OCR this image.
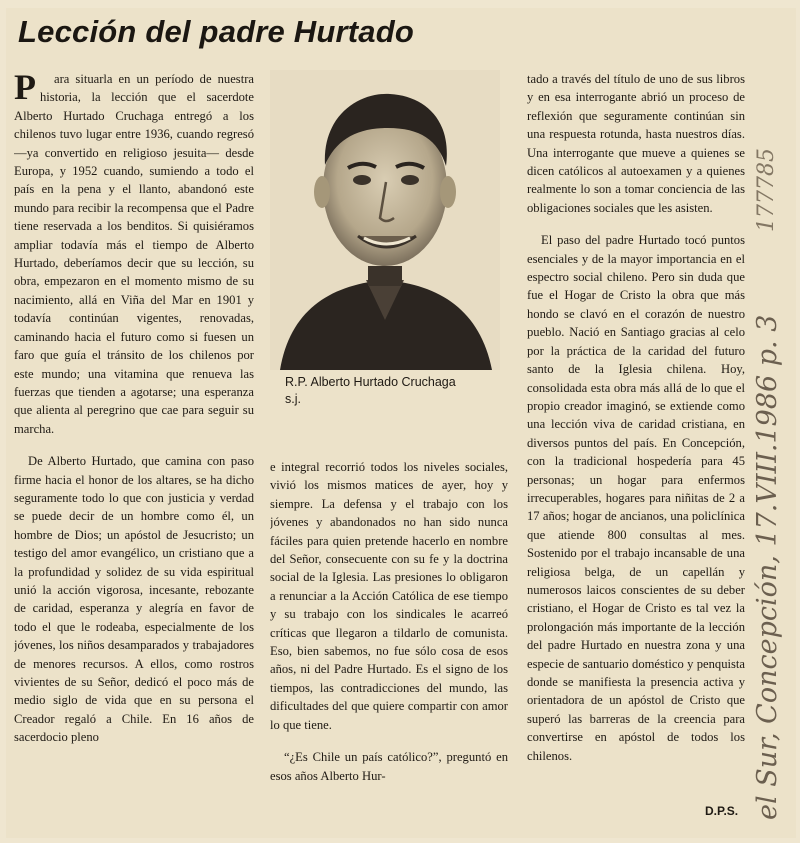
Lección del padre Hurtado

Para situarla en un período de nuestra historia, la lección que el sacerdote Alberto Hurtado Cruchaga entregó a los chilenos tuvo lugar entre 1936, cuando regresó —ya convertido en religioso jesuita— desde Europa, y 1952 cuando, sumiendo a todo el país en la pena y el llanto, abandonó este mundo para recibir la recompensa que el Padre tiene reservada a los benditos. Si quisiéramos ampliar todavía más el tiempo de Alberto Hurtado, deberíamos decir que su lección, su obra, empezaron en el momento mismo de su nacimiento, allá en Viña del Mar en 1901 y todavía continúan vigentes, renovadas, caminando hacia el futuro como si fuesen un faro que guía el tránsito de los chilenos por este mundo; una vitamina que renueva las fuerzas que tienden a agotarse; una esperanza que alienta al peregrino que cae para seguir su marcha.

De Alberto Hurtado, que camina con paso firme hacia el honor de los altares, se ha dicho seguramente todo lo que con justicia y verdad se puede decir de un hombre como él, un hombre de Dios; un apóstol de Jesucristo; un testigo del amor evangélico, un cristiano que a la profundidad y solidez de su vida espiritual unió la acción vigorosa, incesante, rebozante de caridad, esperanza y alegría en favor de todo el que le rodeaba, especialmente de los jóvenes, los niños desamparados y trabajadores de menores recursos. A ellos, como rostros vivientes de su Señor, dedicó el poco más de medio siglo de vida que en su persona el Creador regaló a Chile. En 16 años de sacerdocio pleno

R.P. Alberto Hurtado Cruchaga
s.j.

e integral recorrió todos los niveles sociales, vivió los mismos matices de ayer, hoy y siempre. La defensa y el trabajo con los jóvenes y abandonados no han sido nunca fáciles para quien pretende hacerlo en nombre del Señor, consecuente con su fe y la doctrina social de la Iglesia. Las presiones lo obligaron a renunciar a la Acción Católica de ese tiempo y su trabajo con los sindicales le acarreó críticas que llegaron a tildarlo de comunista. Eso, bien sabemos, no fue sólo cosa de esos años, ni del Padre Hurtado. Es el signo de los tiempos, las contradicciones del mundo, las dificultades del que quiere compartir con amor lo que tiene.

“¿Es Chile un país católico?”, preguntó en esos años Alberto Hur-

tado a través del título de uno de sus libros y en esa interrogante abrió un proceso de reflexión que seguramente continúan sin una respuesta rotunda, hasta nuestros días. Una interrogante que mueve a quienes se dicen católicos al autoexamen y a quienes realmente lo son a tomar conciencia de las obligaciones sociales que les asisten.

El paso del padre Hurtado tocó puntos esenciales y de la mayor importancia en el espectro social chileno. Pero sin duda que fue el Hogar de Cristo la obra que más hondo se clavó en el corazón de nuestro pueblo. Nació en Santiago gracias al celo por la práctica de la caridad del futuro santo de la Iglesia chilena. Hoy, consolidada esta obra más allá de lo que el propio creador imaginó, se extiende como una lección viva de caridad cristiana, en diversos puntos del país. En Concepción, con la tradicional hospedería para 45 personas; un hogar para enfermos irrecuperables, hogares para niñitas de 2 a 17 años; hogar de ancianos, una policlínica que atiende 800 consultas al mes. Sostenido por el trabajo incansable de una religiosa belga, de un capellán y numerosos laicos conscientes de su deber cristiano, el Hogar de Cristo es tal vez la prolongación más importante de la lección del padre Hurtado en nuestra zona y una especie de santuario doméstico y penquista donde se manifiesta la presencia activa y orientadora de un apóstol de Cristo que superó las barreras de la creencia para convertirse en apóstol de todos los chilenos.

D.P.S. el Sur, Concepción, 17.VIII.1986 p. 3
177785
